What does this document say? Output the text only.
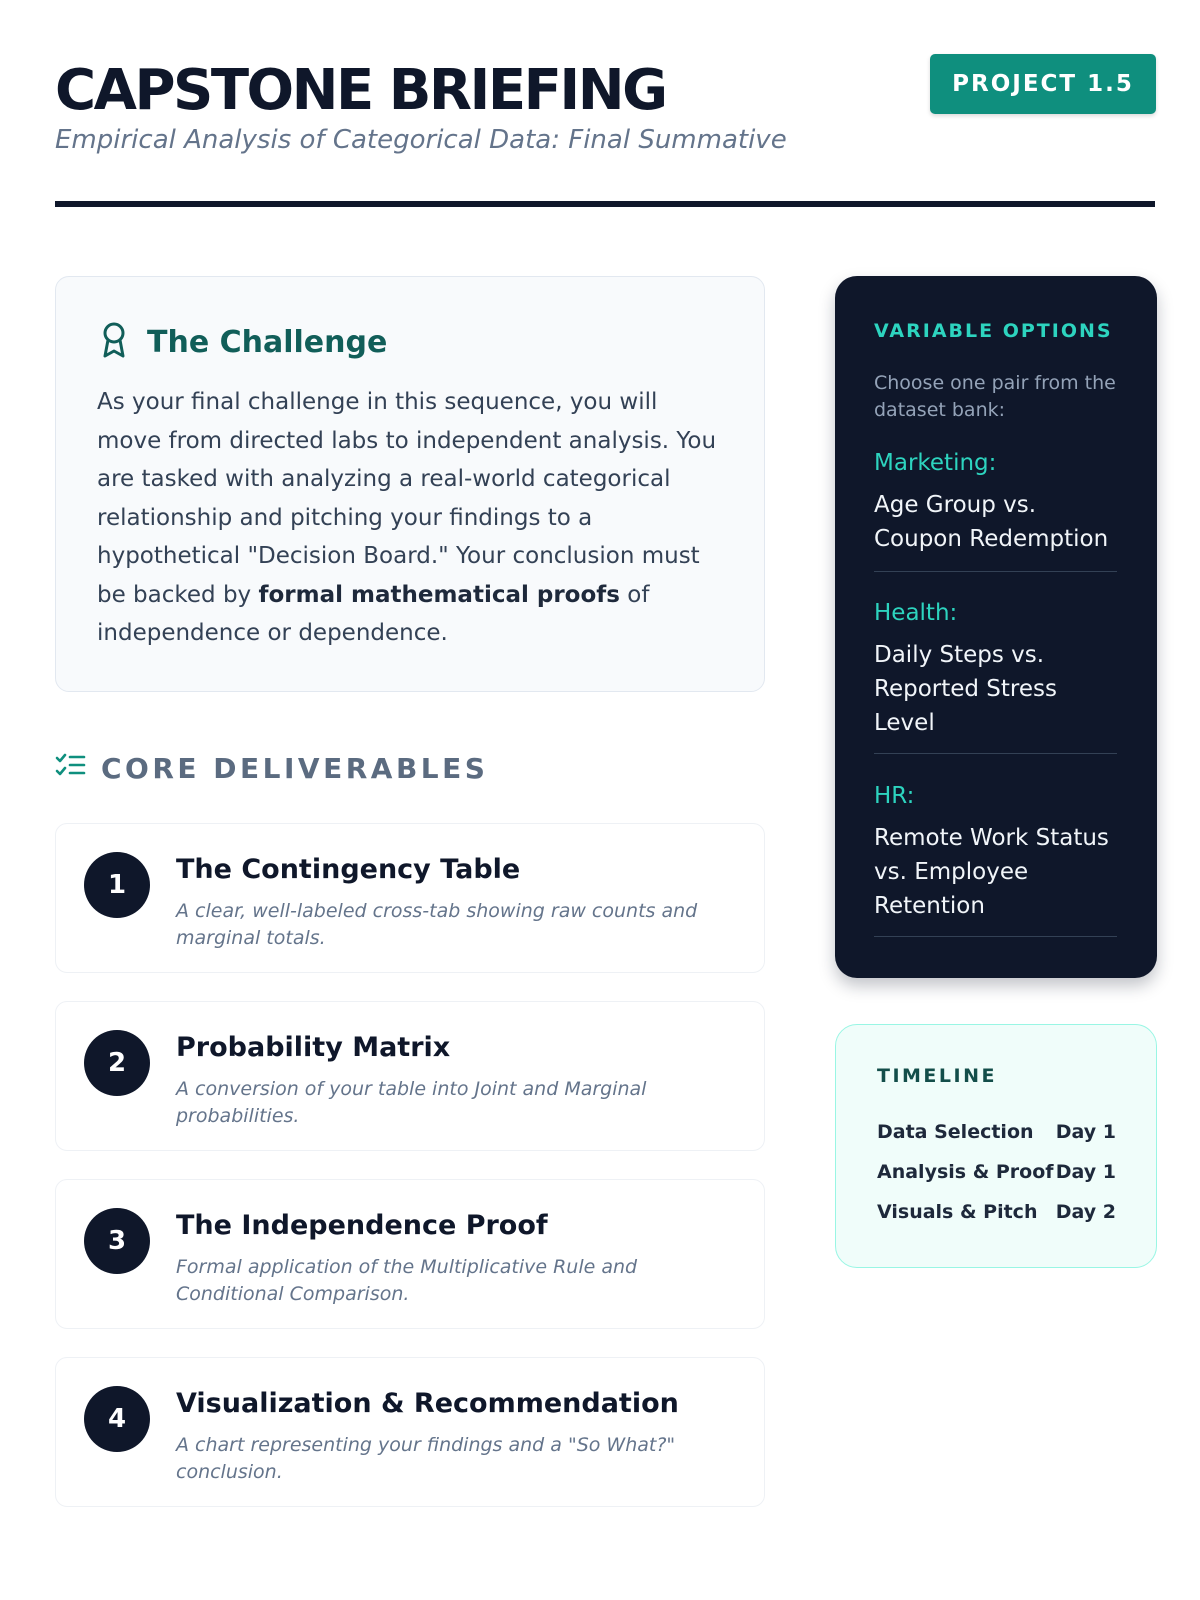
CAPSTONE BRIEFING
Empirical Analysis of Categorical Data: Final Summative
PROJECT 1.5
The Challenge
As your final challenge in this sequence, you will move from directed labs to independent analysis. You are tasked with analyzing a real-world categorical relationship and pitching your findings to a hypothetical "Decision Board." Your conclusion must be backed by formal mathematical proofs of independence or dependence.
CORE DELIVERABLES
1	The Contingency Table
A clear, well-labeled cross-tab showing raw counts and marginal totals.
2	Probability Matrix
A conversion of your table into Joint and Marginal probabilities.
3	The Independence Proof
Formal application of the Multiplicative Rule and Conditional Comparison.
4	Visualization & Recommendation
A chart representing your findings and a "So What?" conclusion.
VARIABLE OPTIONS
Choose one pair from the dataset bank:
Marketing:
Age Group vs. Coupon Redemption
Health:
Daily Steps vs. Reported Stress Level
HR:
Remote Work Status vs. Employee Retention
TIMELINE
Data Selection Day 1
Analysis & Proof Day 1
Visuals & Pitch Day 2
